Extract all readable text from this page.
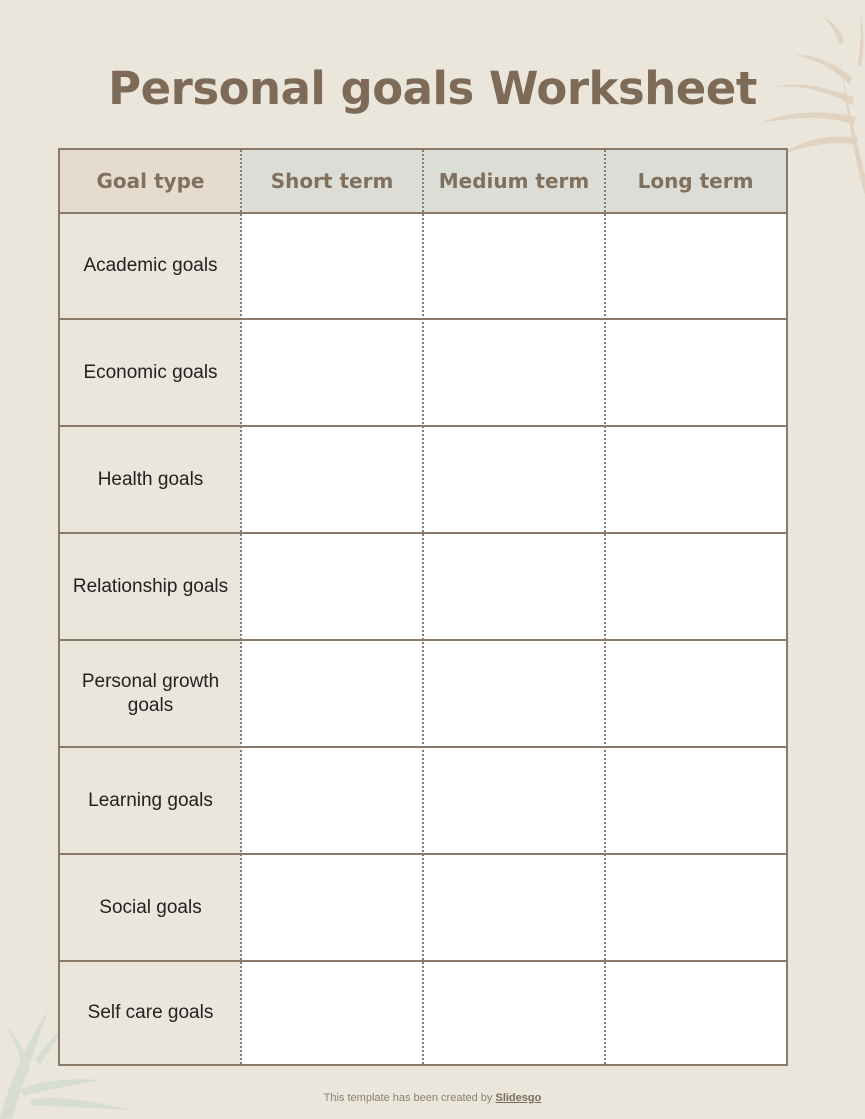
Personal goals Worksheet
Goal type	Short term	Medium term	Long term
Academic goals
Economic goals
Health goals
Relationship goals
Personal growth goals
Learning goals
Social goals
Self care goals
This template has been created by Slidesgo
